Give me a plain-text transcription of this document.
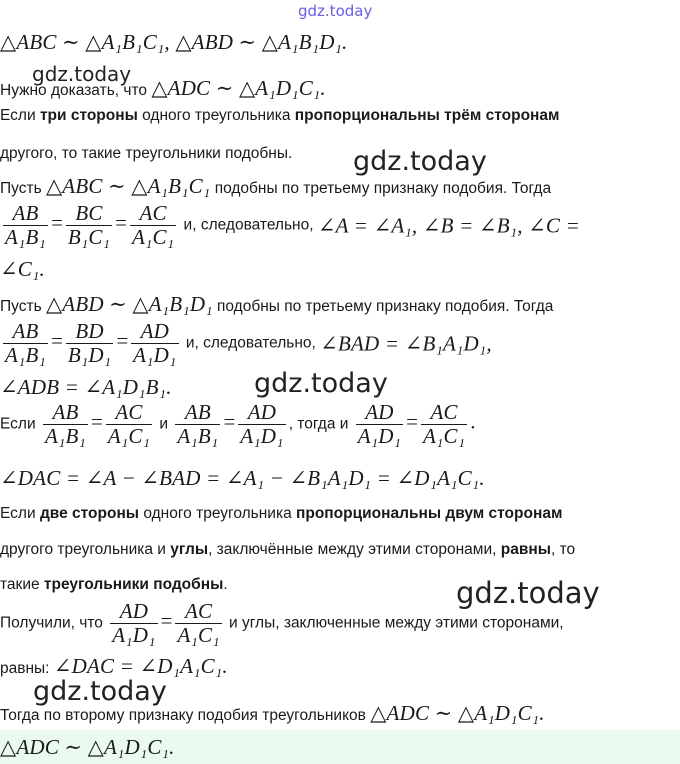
gdz.today
gdz.today
gdz.today
gdz.today
gdz.today
gdz.today
△ABC ∼ △A₁B₁C₁, △ABD ∼ △A₁B₁D₁.
Нужно доказать, что △ADC ∼ △A₁D₁C₁.
Если три стороны одного треугольника пропорциональны трём сторонам
другого, то такие треугольники подобны.
Пусть △ABC ∼ △A₁B₁C₁ подобны по третьему признаку подобия. Тогда
$\frac{AB}{\text{A₁B₁}} = \frac{BC}{\text{B₁C₁}} = \frac{AC}{\text{A₁C₁}} и$, следовательно, ∠A = ∠A₁, ∠B = ∠B₁, ∠C =
∠C₁.
Пусть △ABD ∼ △A₁B₁D₁ подобны по третьему признаку подобия. Тогда
$\frac{AB}{\text{A₁B₁}} = \frac{BD}{\text{B₁D₁}} = \frac{AD}{\text{A₁D₁}} и$, следовательно, ∠BAD = ∠B₁A₁D₁,
∠ADB = ∠A₁D₁B₁.
Если $\frac{AB}{\text{A₁B₁}} = \frac{AC}{\text{A₁C₁}}$ и $\frac{AB}{\text{A₁B₁}} = \frac{AD}{\text{A₁D₁}}$ , тогда и $\frac{AD}{\text{A₁D₁}} = \frac{AC}{\text{A₁C₁}}$ .
∠DAC = ∠A − ∠BAD = ∠A₁ − ∠B₁A₁D₁ = ∠D₁A₁C₁.
Если две стороны одного треугольника пропорциональны двум сторонам
другого треугольника и углы, заключённые между этими сторонами, равны, то
такие треугольники подобны.
Получили, что $\frac{AD}{\text{A₁D₁}} = \frac{AC}{\text{A₁C₁}}$ и углы, заключенные между этими сторонами,
равны: ∠DAC = ∠D₁A₁C₁.
Тогда по второму признаку подобия треугольников △ADC ∼ △A₁D₁C₁.
△ADC ∼ △A₁D₁C₁.
